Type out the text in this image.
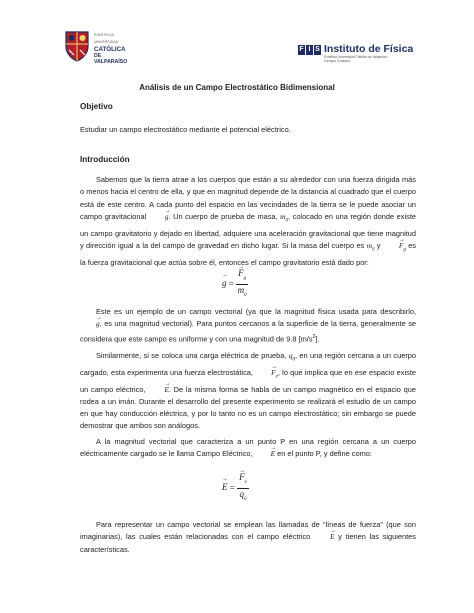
PONTIFICIA UNIVERSIDAD
CATÓLICA
DE VALPARAÍSO
F I S Instituto de Física
Pontificia Universidad Católica de Valparaíso Campus Curauma
Análisis de un Campo Electrostático Bidimensional
Objetivo
Estudiar un campo electrostático mediante el potencial eléctrico.
Introducción
Sabemos que la tierra atrae a los cuerpos que están a su alrededor con una fuerza dirigida más o menos hacia el centro de ella, y que en magnitud depende de la distancia al cuadrado que el cuerpo está de este centro. A cada punto del espacio en las vecindades de la tierra se le puede asociar un campo gravitacional → g. Un cuerpo de prueba de masa, $m_0$, colocado en una región donde existe un campo gravitatorio y dejado en libertad, adquiere una aceleración gravitacional que tiene magnitud y dirección igual a la del campo de gravedad en dicho lugar. Si la masa del cuerpo es $m_0$ $y \to F_g$ es la fuerza gravitacional que actúa sobre él, entonces el campo gravitatorio está dado por:
→ g = → $\frac{F_g}{m_0}$
Este es un ejemplo de un campo vectorial (ya que la magnitud física usada para describirlo, → g, es una magnitud vectorial). Para puntos cercanos a la superficie de la tierra, generalmente se considera que este campo es uniforme y con una magnitud de 9.8 $[m/s^2]$.
Similarmente, si se coloca una carga eléctrica de prueba, $q_0$, en una región cercana a un cuerpo cargado, esta experimenta una fuerza electrostática, → $F_e$, lo que implica que en ese espacio existe un campo eléctrico, → E. De la misma forma se habla de un campo magnético en el espacio que rodea a un imán. Durante el desarrollo del presente experimento se realizará el estudio de un campo en que hay conducción eléctrica, y por lo tanto no es un campo electrostático; sin embargo se puede demostrar que ambos son análogos.
A la magnitud vectorial que caracteriza a un punto P en una región cercana a un cuerpo eléctricamente cargado se le llama Campo Eléctrico, → E en el punto P, y define como:
→ E = → $\frac{F_e}{q_0}$
Para representar un campo vectorial se emplean las llamadas de “líneas de fuerza” (que son imaginarias), las cuales están relacionadas con el campo eléctrico → E y tienen las siguientes características.
